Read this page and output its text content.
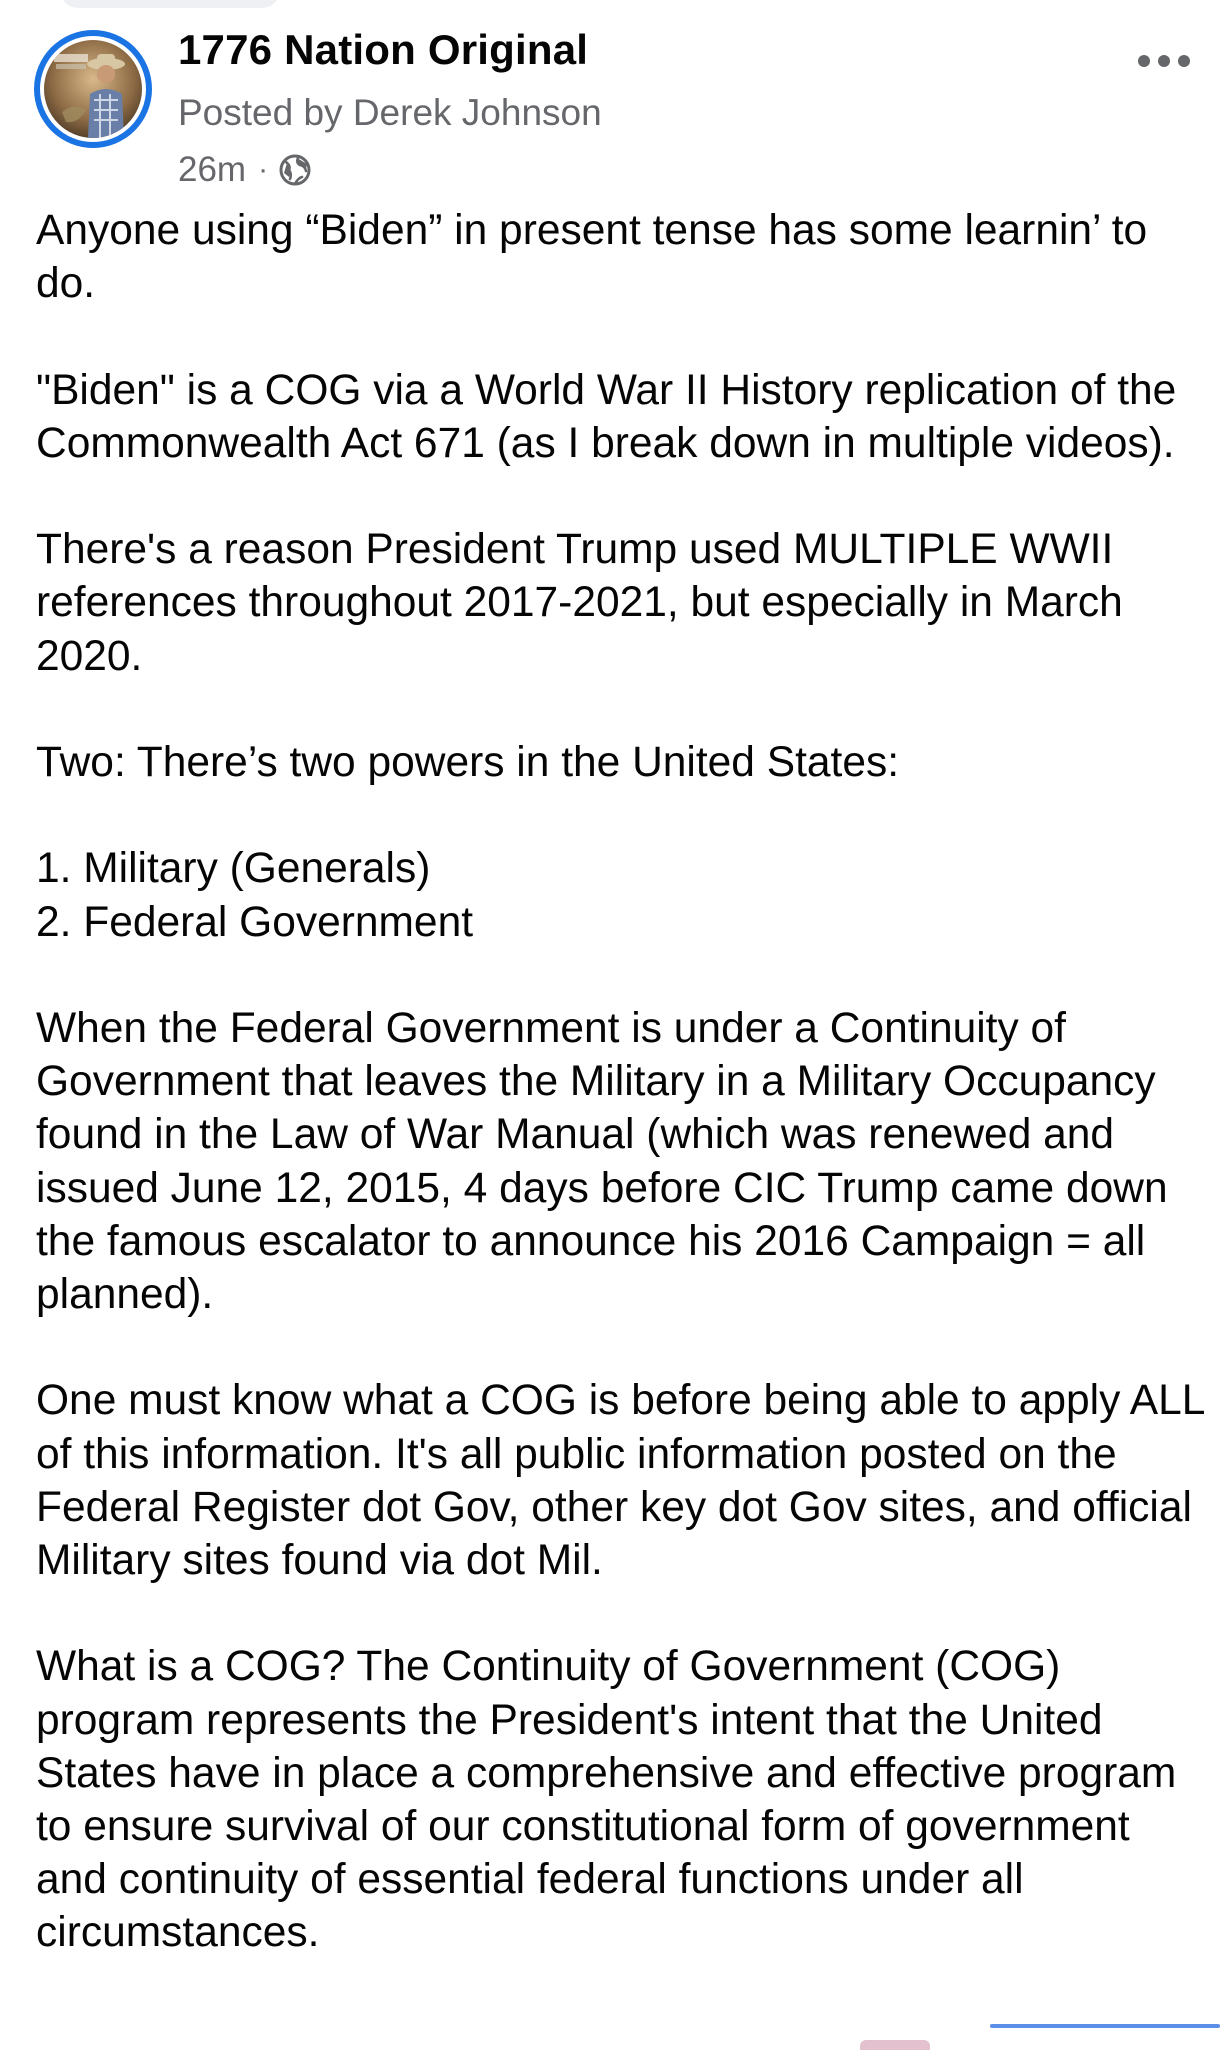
1776 Nation Original
Posted by Derek Johnson
26m ·
Anyone using “Biden” in present tense has some learnin’ to do.
"Biden" is a COG via a World War II History replication of the Commonwealth Act 671 (as I break down in multiple videos).
There's a reason President Trump used MULTIPLE WWII references throughout 2017-2021, but especially in March 2020.
Two: There’s two powers in the United States:
1. Military (Generals)
2. Federal Government
When the Federal Government is under a Continuity of Government that leaves the Military in a Military Occupancy found in the Law of War Manual (which was renewed and issued June 12, 2015, 4 days before CIC Trump came down the famous escalator to announce his 2016 Campaign = all planned).
One must know what a COG is before being able to apply ALL of this information. It's all public information posted on the Federal Register dot Gov, other key dot Gov sites, and official Military sites found via dot Mil.
What is a COG? The Continuity of Government (COG) program represents the President's intent that the United States have in place a comprehensive and effective program to ensure survival of our constitutional form of government and continuity of essential federal functions under all circumstances.
